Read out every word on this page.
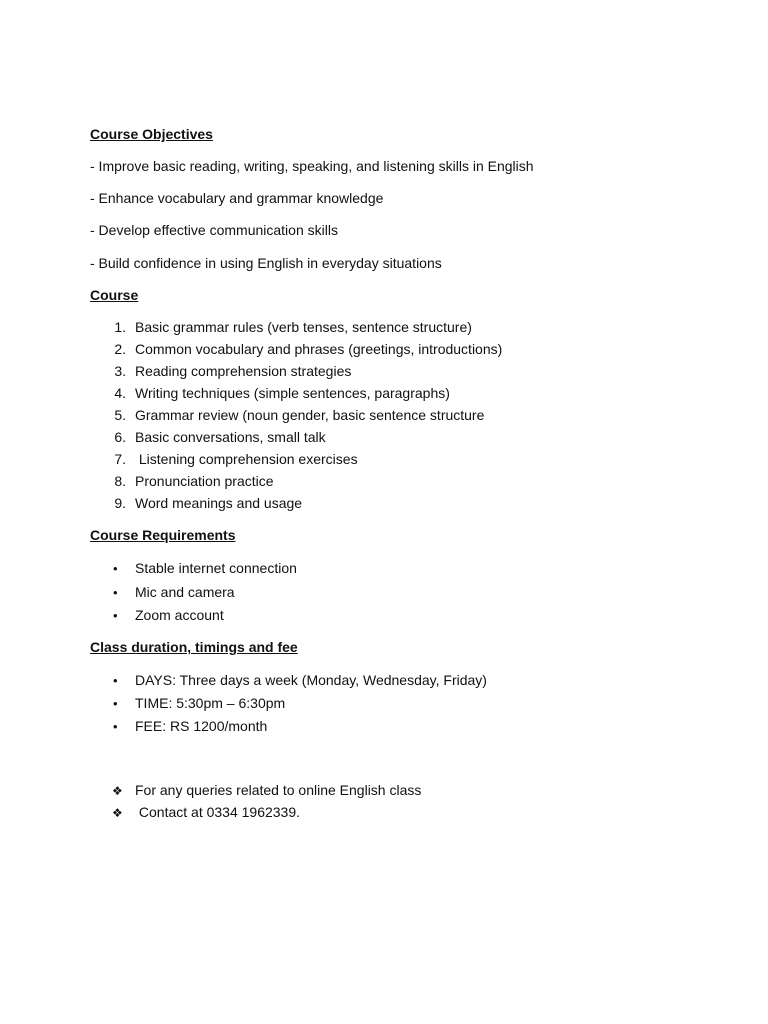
Course Objectives
- Improve basic reading, writing, speaking, and listening skills in English
- Enhance vocabulary and grammar knowledge
- Develop effective communication skills
- Build confidence in using English in everyday situations
Course
1. Basic grammar rules (verb tenses, sentence structure)
2. Common vocabulary and phrases (greetings, introductions)
3. Reading comprehension strategies
4. Writing techniques (simple sentences, paragraphs)
5. Grammar review (noun gender, basic sentence structure
6. Basic conversations, small talk
7. Listening comprehension exercises
8. Pronunciation practice
9. Word meanings and usage
Course Requirements
• Stable internet connection
• Mic and camera
• Zoom account
Class duration, timings and fee
• DAYS: Three days a week (Monday, Wednesday, Friday)
• TIME: 5:30pm – 6:30pm
• FEE: RS 1200/month
❖ For any queries related to online English class
❖ Contact at 0334 1962339.
